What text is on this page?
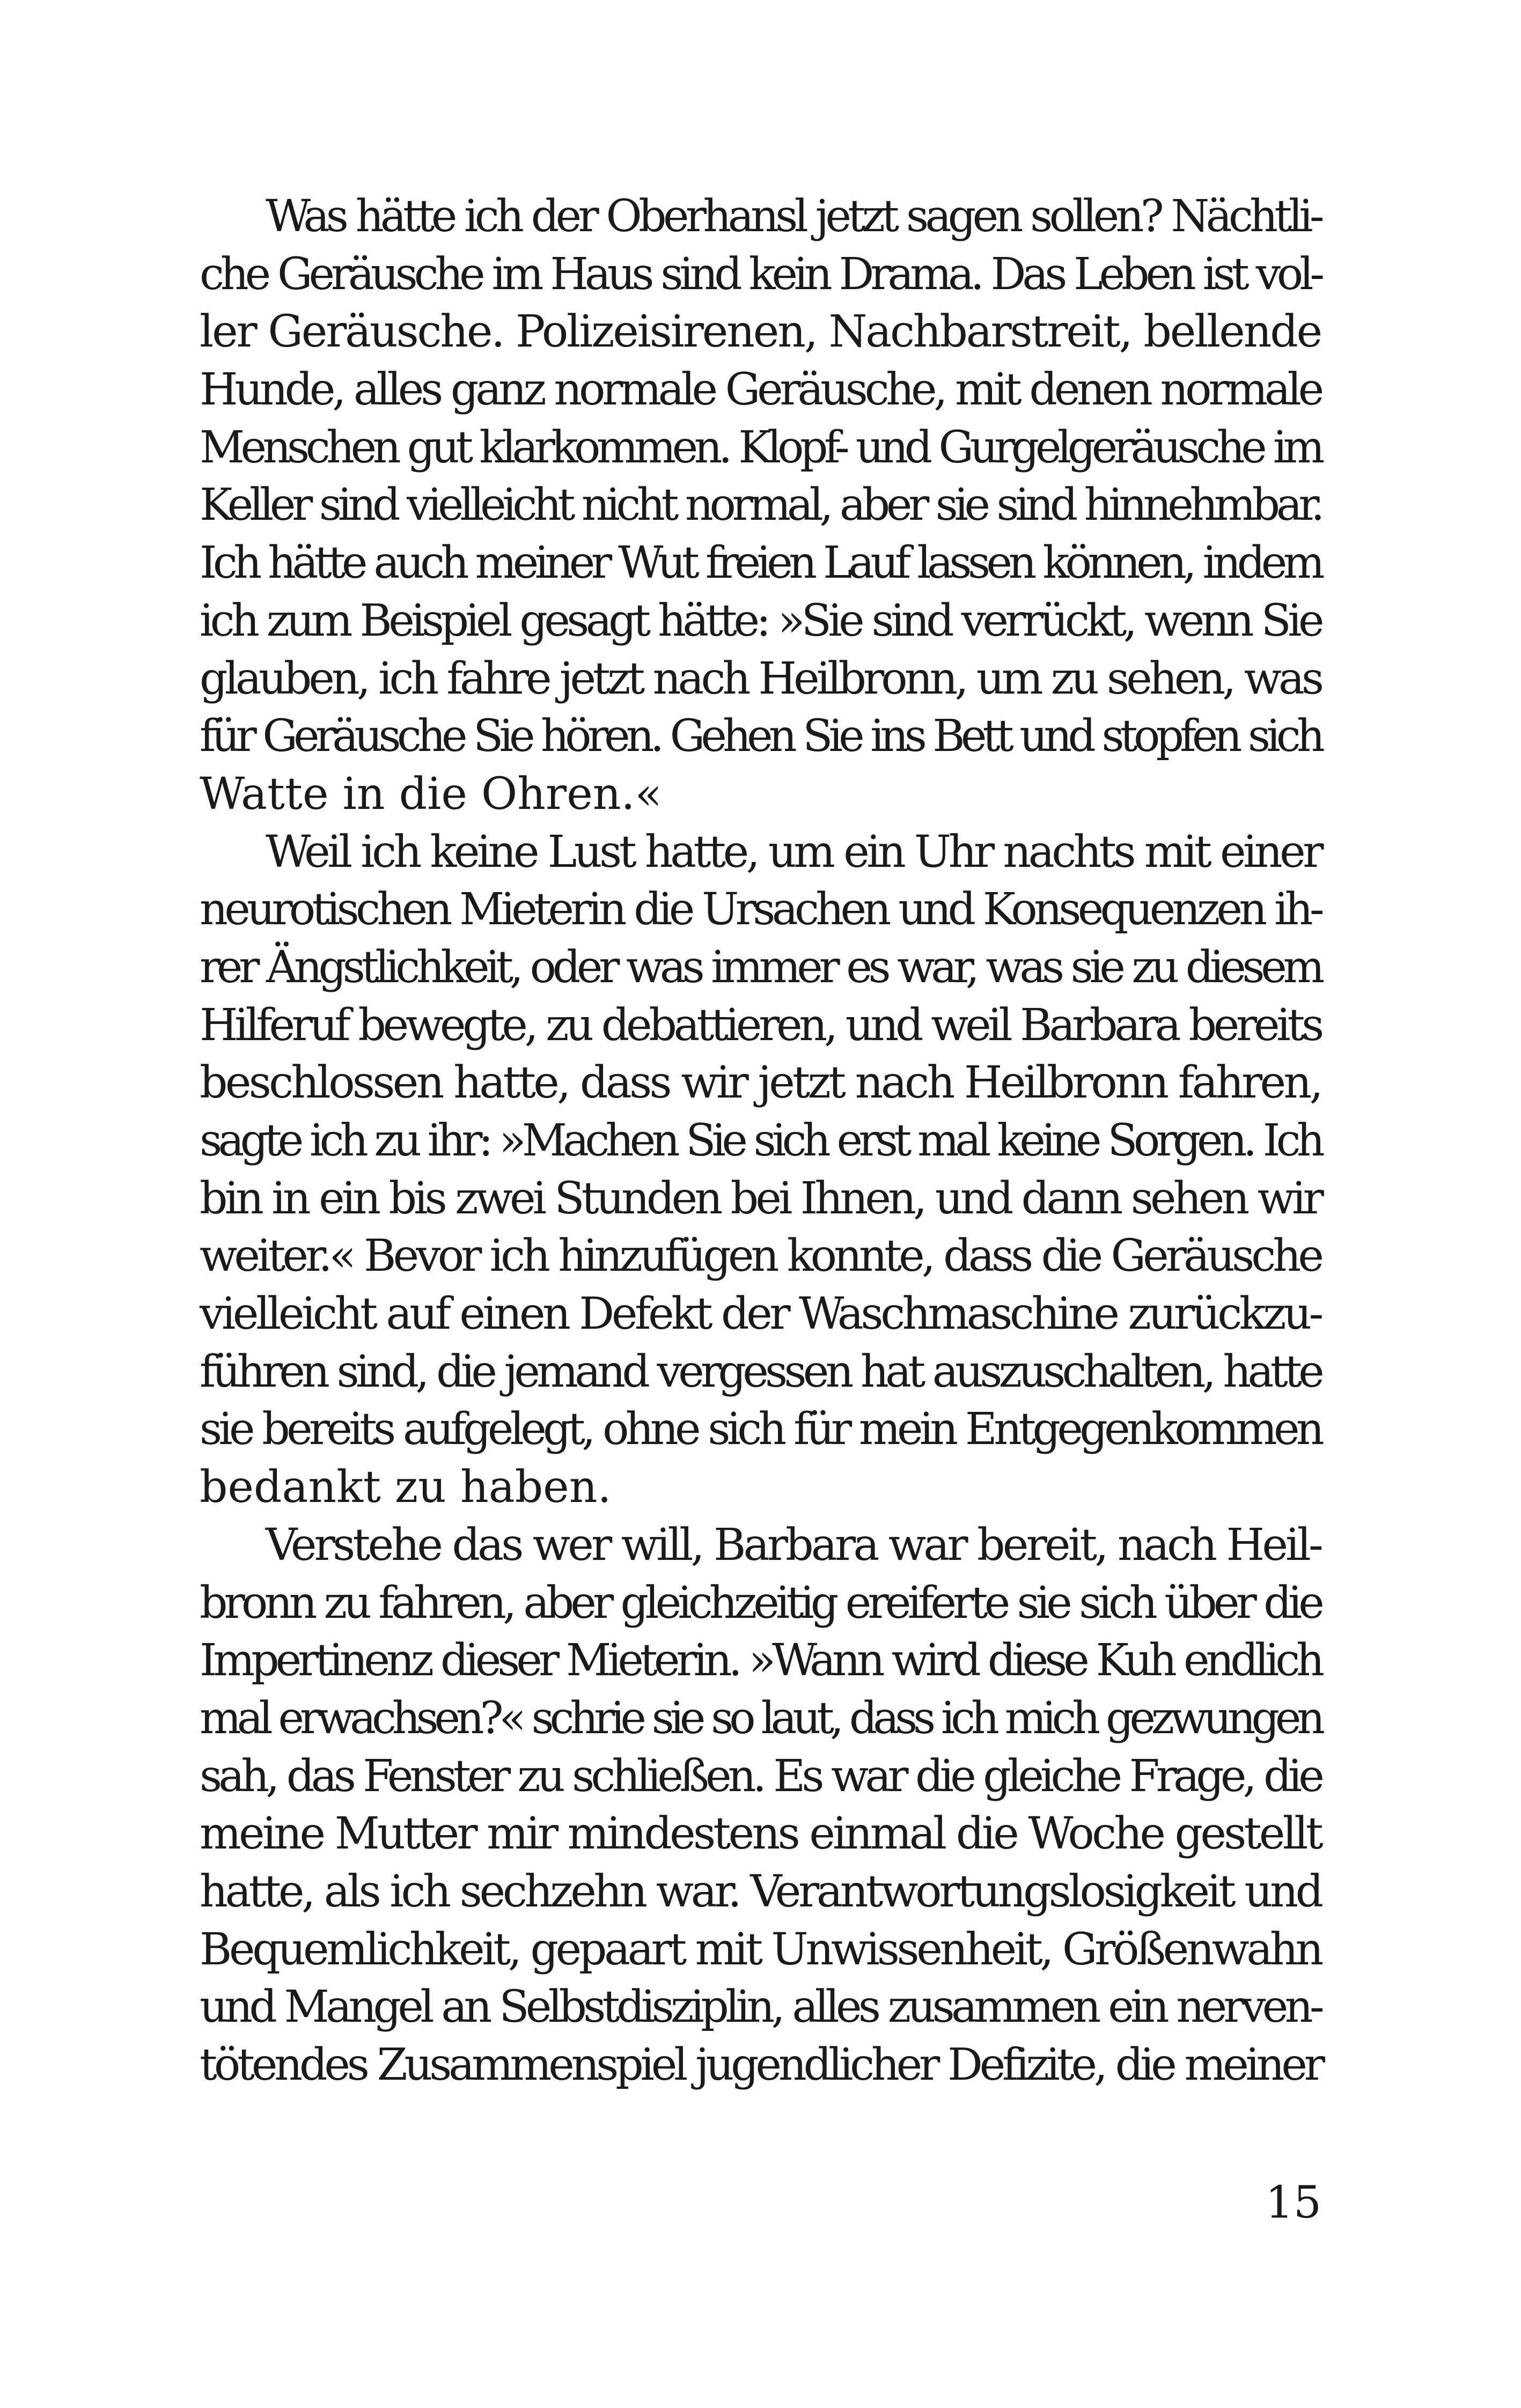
Was hätte ich der Oberhansl jetzt sagen sollen? Nächtli-
che Geräusche im Haus sind kein Drama. Das Leben ist vol-
ler Geräusche. Polizeisirenen, Nachbarstreit, bellende
Hunde, alles ganz normale Geräusche, mit denen normale
Menschen gut klarkommen. Klopf- und Gurgelgeräusche im
Keller sind vielleicht nicht normal, aber sie sind hinnehmbar.
Ich hätte auch meiner Wut freien Lauf lassen können, indem
ich zum Beispiel gesagt hätte: »Sie sind verrückt, wenn Sie
glauben, ich fahre jetzt nach Heilbronn, um zu sehen, was
für Geräusche Sie hören. Gehen Sie ins Bett und stopfen sich
Watte in die Ohren.«
Weil ich keine Lust hatte, um ein Uhr nachts mit einer
neurotischen Mieterin die Ursachen und Konsequenzen ih-
rer Ängstlichkeit, oder was immer es war, was sie zu diesem
Hilferuf bewegte, zu debattieren, und weil Barbara bereits
beschlossen hatte, dass wir jetzt nach Heilbronn fahren,
sagte ich zu ihr: »Machen Sie sich erst mal keine Sorgen. Ich
bin in ein bis zwei Stunden bei Ihnen, und dann sehen wir
weiter.« Bevor ich hinzufügen konnte, dass die Geräusche
vielleicht auf einen Defekt der Waschmaschine zurückzu-
führen sind, die jemand vergessen hat auszuschalten, hatte
sie bereits aufgelegt, ohne sich für mein Entgegenkommen
bedankt zu haben.
Verstehe das wer will, Barbara war bereit, nach Heil-
bronn zu fahren, aber gleichzeitig ereiferte sie sich über die
Impertinenz dieser Mieterin. »Wann wird diese Kuh endlich
mal erwachsen?« schrie sie so laut, dass ich mich gezwungen
sah, das Fenster zu schließen. Es war die gleiche Frage, die
meine Mutter mir mindestens einmal die Woche gestellt
hatte, als ich sechzehn war. Verantwortungslosigkeit und
Bequemlichkeit, gepaart mit Unwissenheit, Größenwahn
und Mangel an Selbstdisziplin, alles zusammen ein nerven-
tötendes Zusammenspiel jugendlicher Defizite, die meiner
15
